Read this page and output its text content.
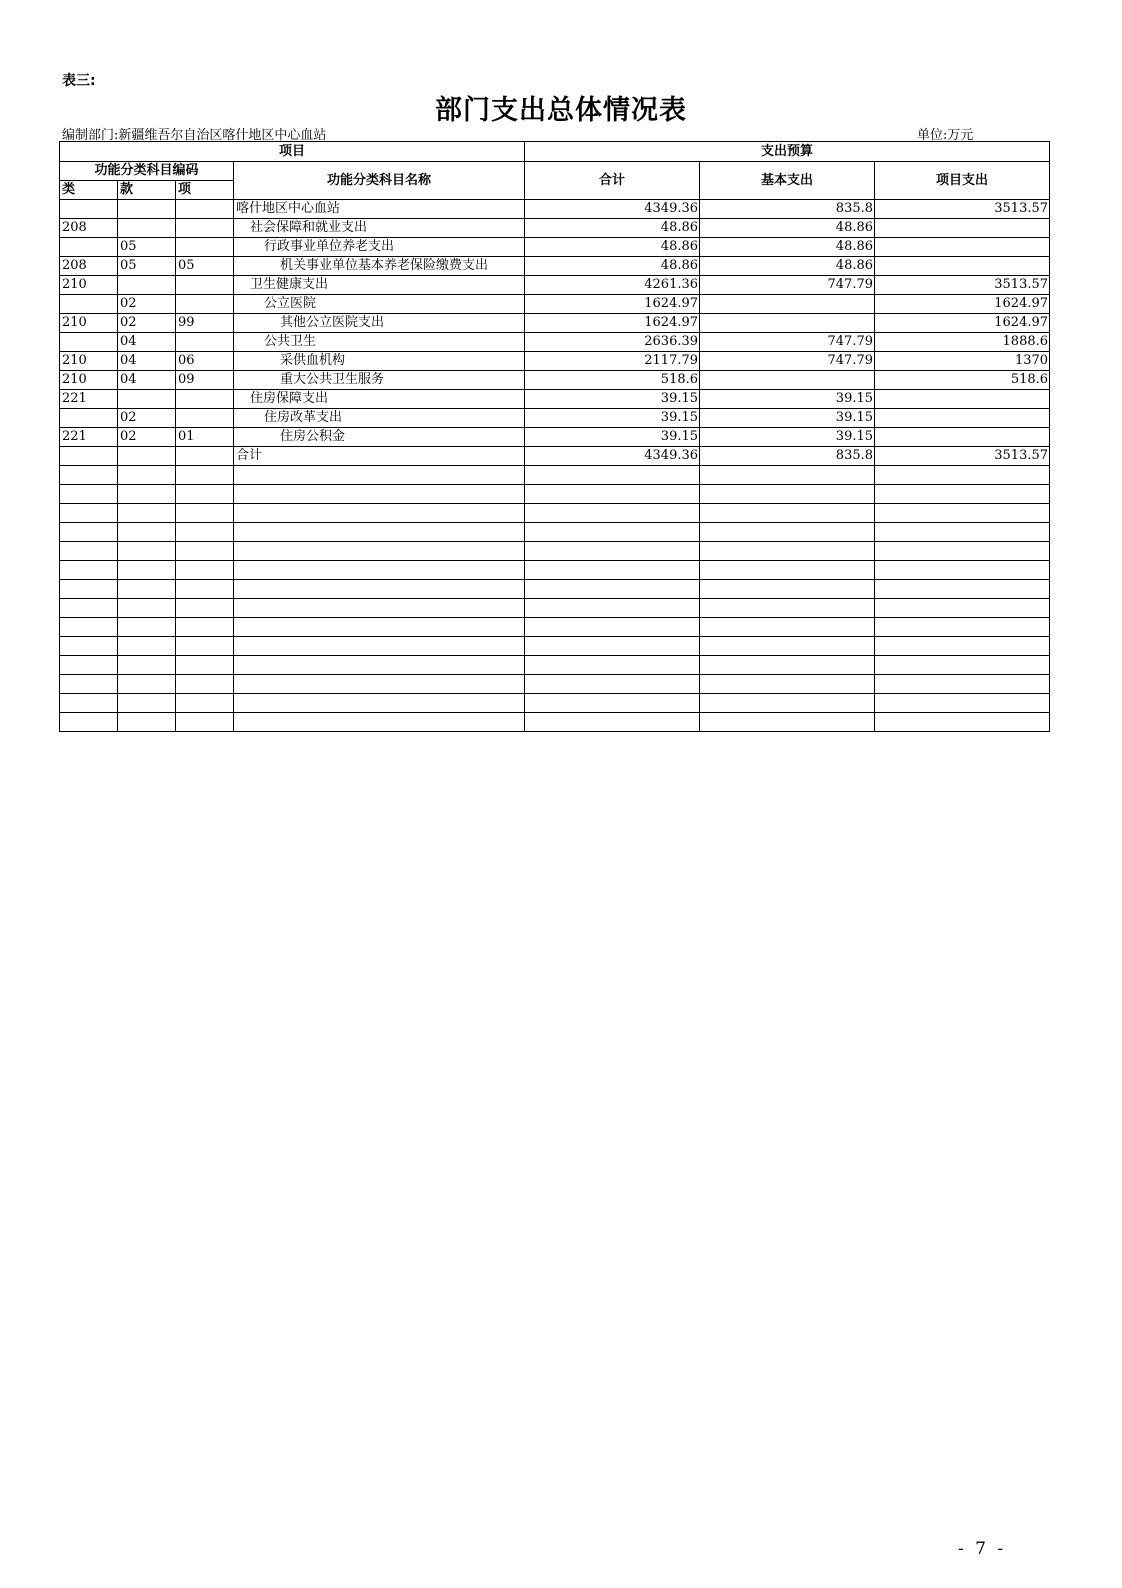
表三:
部门支出总体情况表
编制部门:新疆维吾尔自治区喀什地区中心血站	单位:万元
项目				支出预算		
功能分类科目编码			功能分类科目名称	合计	基本支出	项目支出
类	款	项				
			喀什地区中心血站	4349.36	835.8	3513.57
208			社会保障和就业支出	48.86	48.86	
	05		行政事业单位养老支出	48.86	48.86	
208	05	05	机关事业单位基本养老保险缴费支出	48.86	48.86	
210			卫生健康支出	4261.36	747.79	3513.57
	02		公立医院	1624.97		1624.97
210	02	99	其他公立医院支出	1624.97		1624.97
	04		公共卫生	2636.39	747.79	1888.6
210	04	06	采供血机构	2117.79	747.79	1370
210	04	09	重大公共卫生服务	518.6		518.6
221			住房保障支出	39.15	39.15	
	02		住房改革支出	39.15	39.15	
221	02	01	住房公积金	39.15	39.15	
			合计	4349.36	835.8	3513.57

- 7 -
